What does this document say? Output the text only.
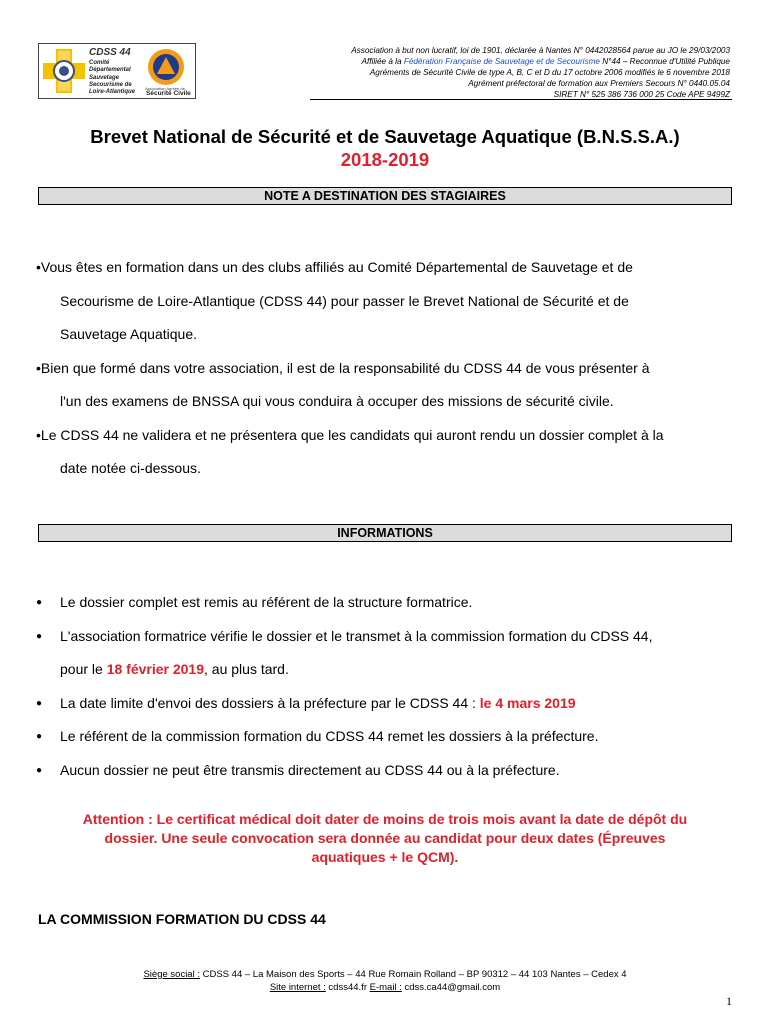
CDSS 44
Comité
Départemental
Sauvetage
Secourisme de
Loire-Atlantique
Association Agréée de
Sécurité Civile
Association à but non lucratif, loi de 1901, déclarée à Nantes N° 0442028564 parue au JO le 29/03/2003
Affiliée à la Fédération Française de Sauvetage et de Secourisme N°44 – Reconnue d'Utilité Publique
Agréments de Sécurité Civile de type A, B, C et D du 17 octobre 2006 modifiés le 6 novembre 2018
Agrément préfectoral de formation aux Premiers Secours N° 0440.05.04
SIRET N° 525 386 736 000 25 Code APE 9499Z
Brevet National de Sécurité et de Sauvetage Aquatique (B.N.S.S.A.)
2018-2019
NOTE A DESTINATION DES STAGIAIRES
•Vous êtes en formation dans un des clubs affiliés au Comité Départemental de Sauvetage et de
Secourisme de Loire-Atlantique (CDSS 44) pour passer le Brevet National de Sécurité et de
Sauvetage Aquatique.
•Bien que formé dans votre association, il est de la responsabilité du CDSS 44 de vous présenter à
l'un des examens de BNSSA qui vous conduira à occuper des missions de sécurité civile.
•Le CDSS 44 ne validera et ne présentera que les candidats qui auront rendu un dossier complet à la
date notée ci-dessous.
INFORMATIONS
● Le dossier complet est remis au référent de la structure formatrice.
● L'association formatrice vérifie le dossier et le transmet à la commission formation du CDSS 44,
pour le 18 février 2019, au plus tard.
● La date limite d'envoi des dossiers à la préfecture par le CDSS 44 : le 4 mars 2019
● Le référent de la commission formation du CDSS 44 remet les dossiers à la préfecture.
● Aucun dossier ne peut être transmis directement au CDSS 44 ou à la préfecture.
Attention : Le certificat médical doit dater de moins de trois mois avant la date de dépôt du
dossier. Une seule convocation sera donnée au candidat pour deux dates (Épreuves
aquatiques + le QCM).
LA COMMISSION FORMATION DU CDSS 44
Siège social : CDSS 44 – La Maison des Sports – 44 Rue Romain Rolland – BP 90312 – 44 103 Nantes – Cedex 4
Site internet : cdss44.fr E-mail : cdss.ca44@gmail.com
1
